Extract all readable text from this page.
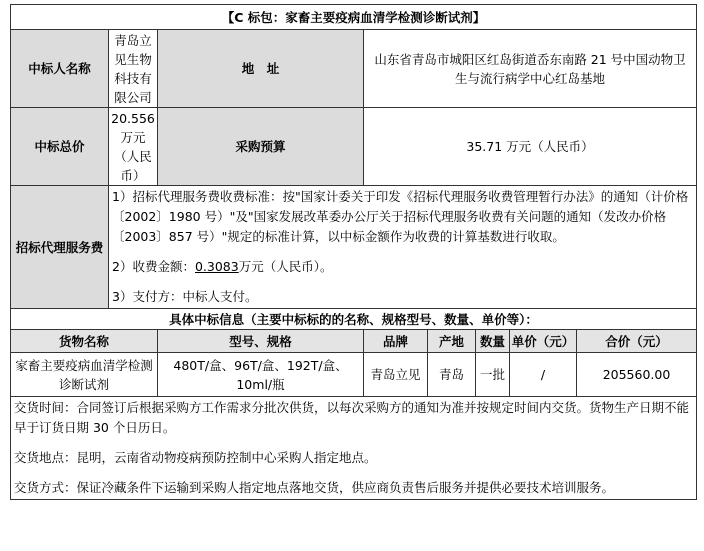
【C 标包：家畜主要疫病血清学检测诊断试剂】							
中标人名称	青岛立见生物科技有限公司	地　址	山东省青岛市城阳区红岛街道岙东南路 21 号中国动物卫生与流行病学中心红岛基地				
中标总价	20.556 万元（人民币）	采购预算	35.71 万元（人民币）				
招标代理服务费	1）招标代理服务费收费标准：按"国家计委关于印发《招标代理服务收费管理暂行办法》的通知（计价格〔2002〕1980 号）"及"国家发展改革委办公厅关于招标代理服务收费有关问题的通知（发改办价格〔2003〕857 号）"规定的标准计算，以中标金额作为收费的计算基数进行收取。

2）收费金额：0.3083万元（人民币）。

3）支付方：中标人支付。						

具体中标信息（主要中标标的的名称、规格型号、数量、单价等）：							
货物名称		型号、规格	品牌	产地	数量	单价（元）	合价（元）
家畜主要疫病血清学检测诊断试剂		480T/盒、96T/盒、192T/盒、10ml/瓶	青岛立见	青岛	一批	/	205560.00

交货时间：合同签订后根据采购方工作需求分批次供货，以每次采购方的通知为准并按规定时间内交货。货物生产日期不能早于订货日期 30 个日历日。

交货地点：昆明，云南省动物疫病预防控制中心采购人指定地点。

交货方式：保证冷藏条件下运输到采购人指定地点落地交货，供应商负责售后服务并提供必要技术培训服务。							
